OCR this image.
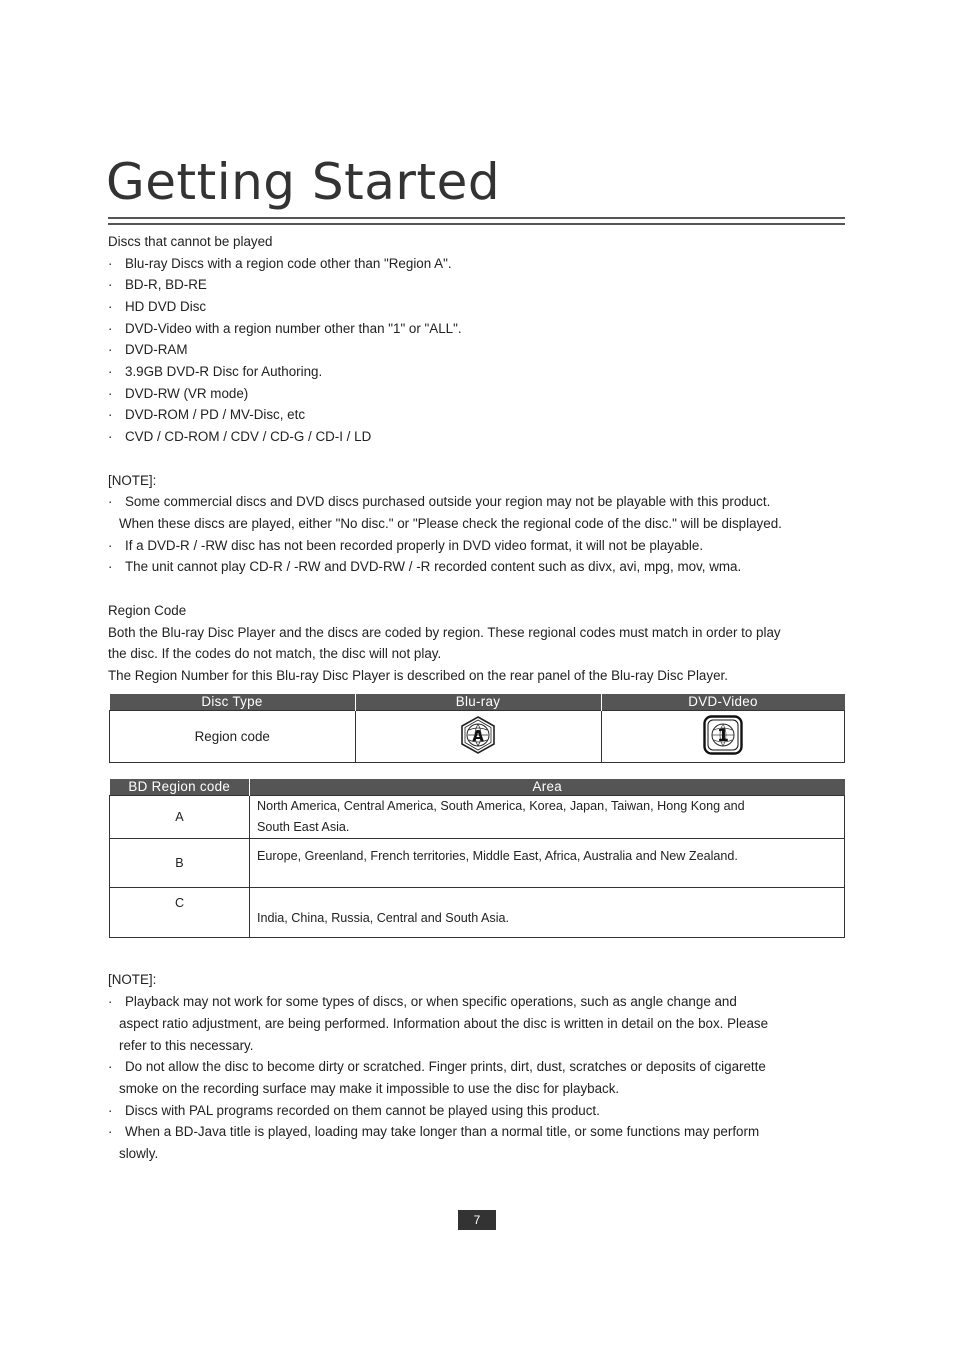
Getting Started
Discs that cannot be played
· Blu-ray Discs with a region code other than "Region A".
· BD-R, BD-RE
· HD DVD Disc
· DVD-Video with a region number other than "1" or "ALL".
· DVD-RAM
· 3.9GB DVD-R Disc for Authoring.
· DVD-RW (VR mode)
· DVD-ROM / PD / MV-Disc, etc
· CVD / CD-ROM / CDV / CD-G / CD-I / LD
[NOTE]:
· Some commercial discs and DVD discs purchased outside your region may not be playable with this product.
When these discs are played, either "No disc." or "Please check the regional code of the disc." will be displayed.
· If a DVD-R / -RW disc has not been recorded properly in DVD video format, it will not be playable.
· The unit cannot play CD-R / -RW and DVD-RW / -R recorded content such as divx, avi, mpg, mov, wma.
Region Code
Both the Blu-ray Disc Player and the discs are coded by region. These regional codes must match in order to play
the disc. If the codes do not match, the disc will not play.
The Region Number for this Blu-ray Disc Player is described on the rear panel of the Blu-ray Disc Player.
Disc Type	Blu-ray	DVD-Video
Region code	A	1
BD Region code	Area
A	North America, Central America, South America, Korea, Japan, Taiwan, Hong Kong and
South East Asia.

B	Europe, Greenland, French territories, Middle East, Africa, Australia and New Zealand.
C	India, China, Russia, Central and South Asia.
[NOTE]:
· Playback may not work for some types of discs, or when specific operations, such as angle change and
aspect ratio adjustment, are being performed. Information about the disc is written in detail on the box. Please
refer to this necessary.
· Do not allow the disc to become dirty or scratched. Finger prints, dirt, dust, scratches or deposits of cigarette
smoke on the recording surface may make it impossible to use the disc for playback.
· Discs with PAL programs recorded on them cannot be played using this product.
· When a BD-Java title is played, loading may take longer than a normal title, or some functions may perform
slowly.
7
